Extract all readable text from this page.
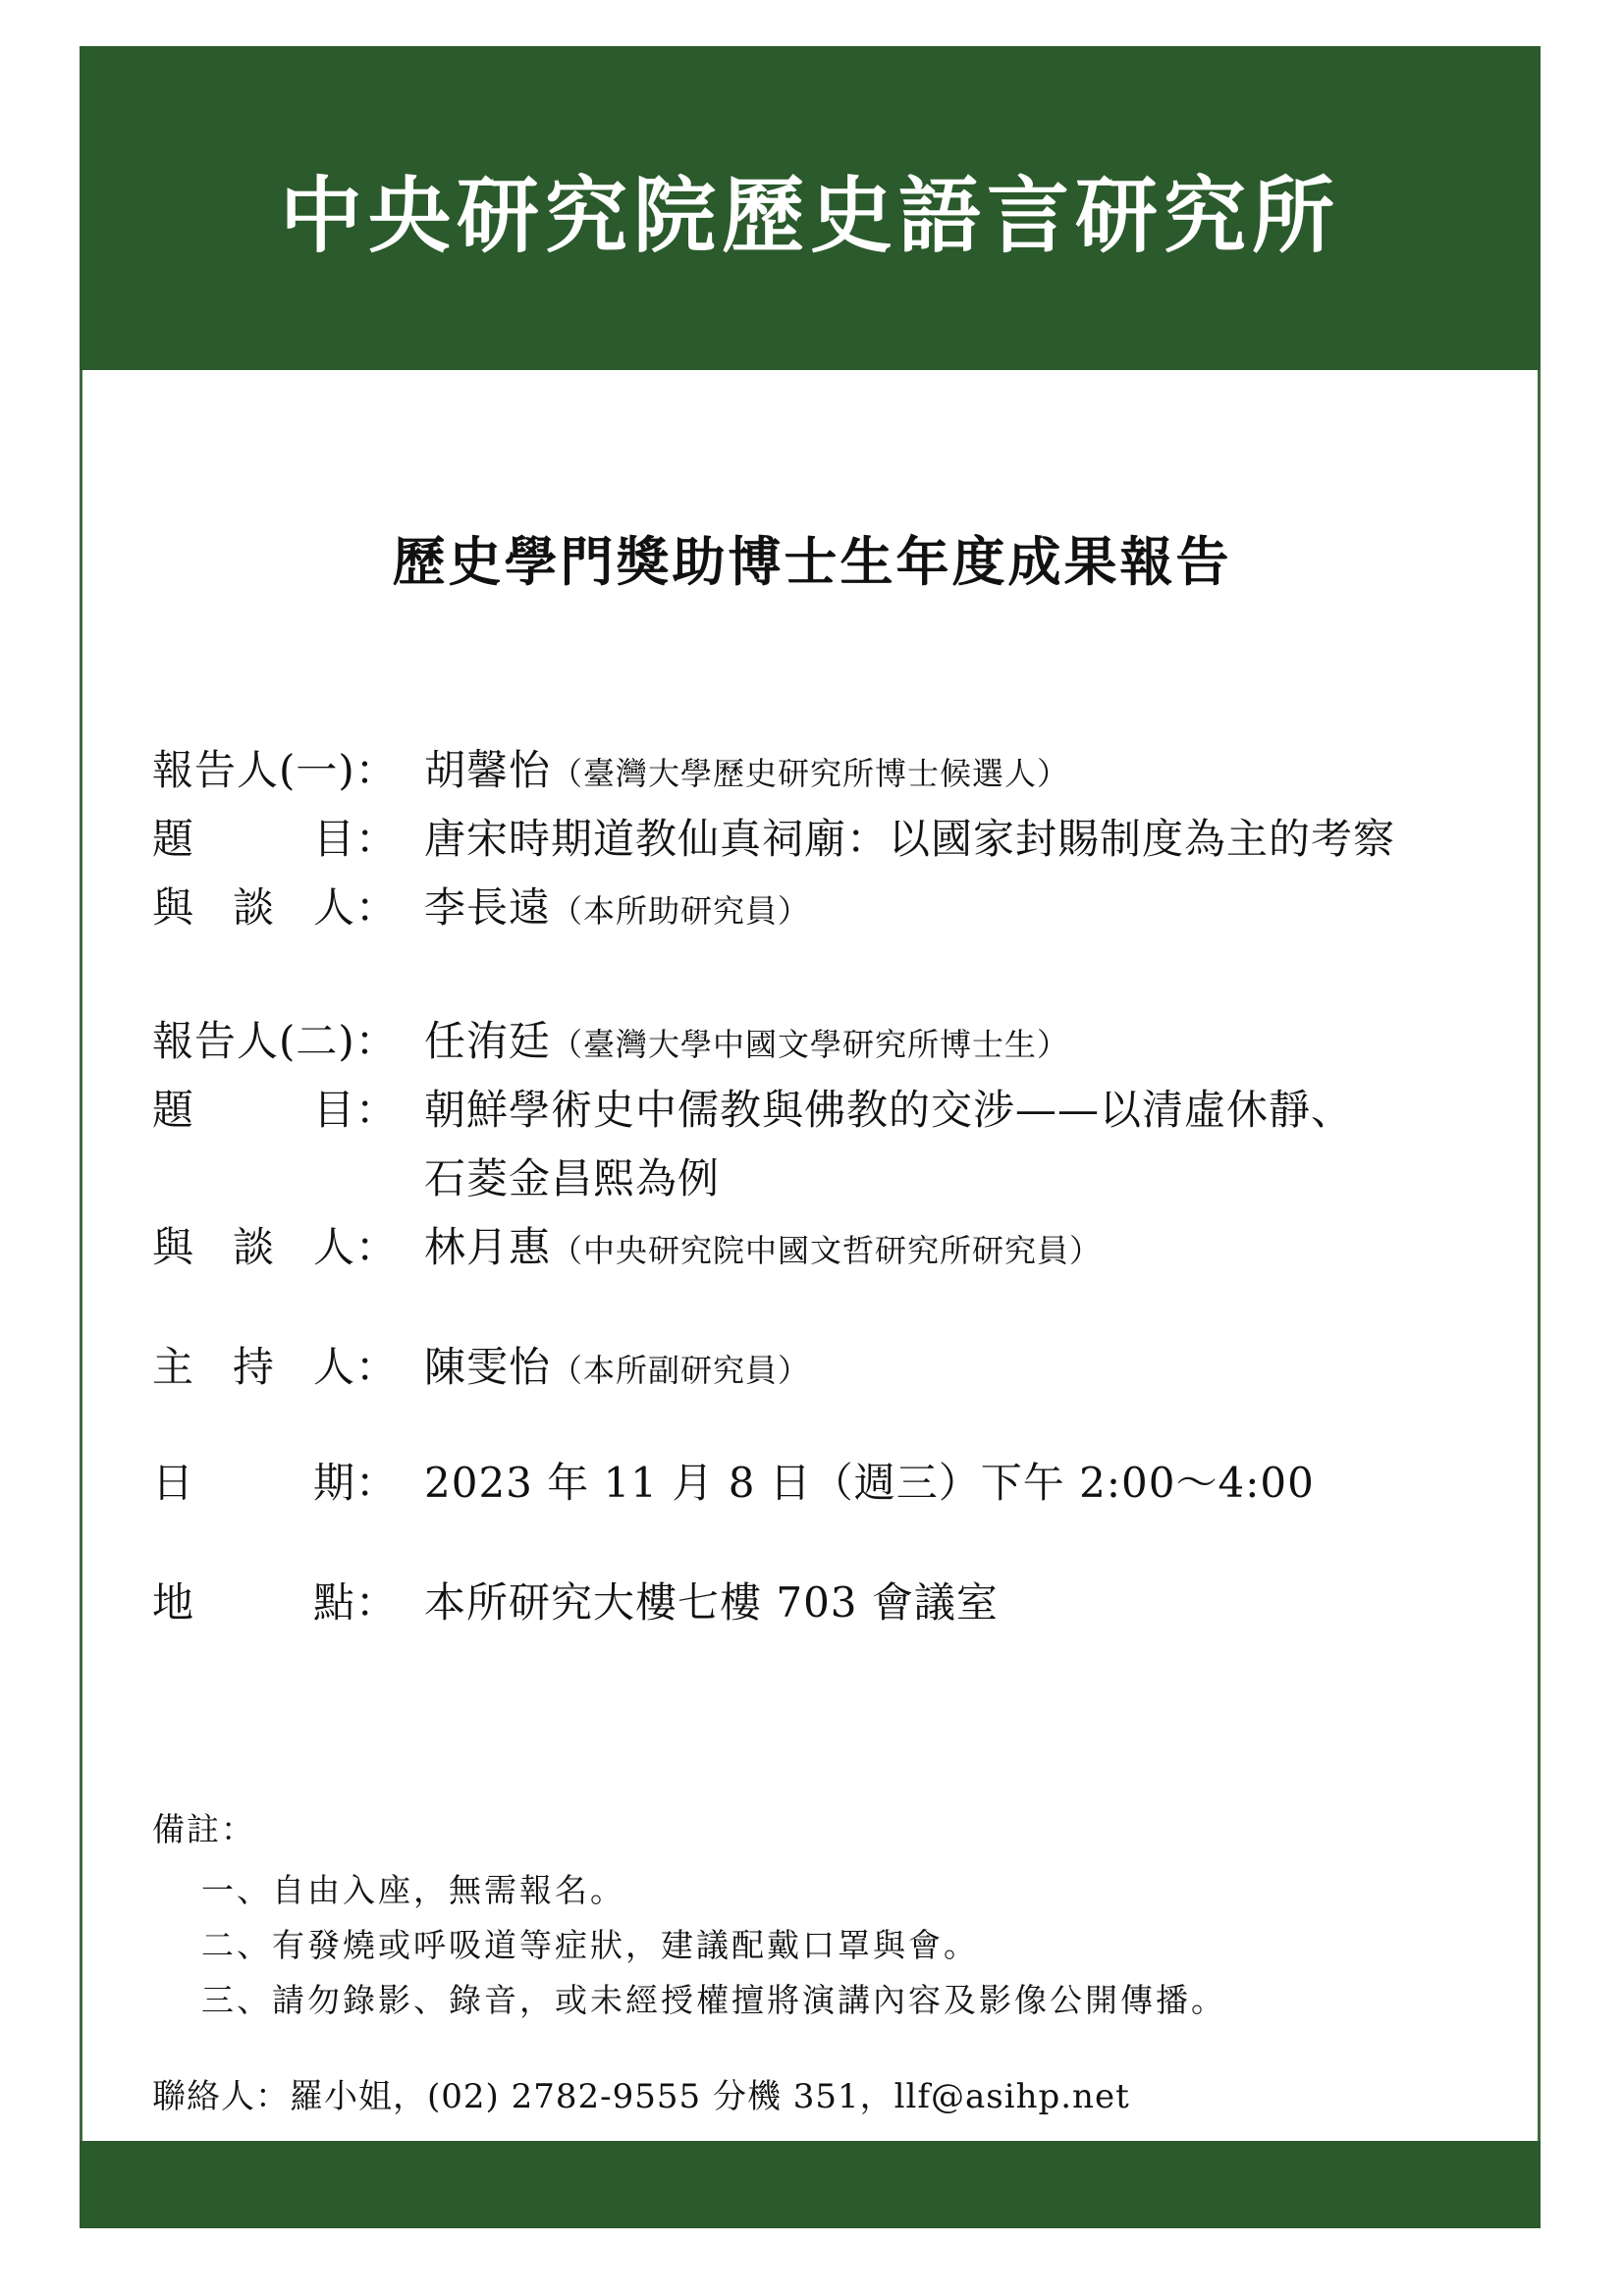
中央研究院歷史語言研究所
歷史學門獎助博士生年度成果報告
報告人(一)： 胡馨怡 （臺灣大學歷史研究所博士候選人）
題	目： 唐宋時期道教仙真祠廟：以國家封賜制度為主的考察
與 談 人： 李長遠 （本所助研究員）
報告人(二)： 任洧廷 （臺灣大學中國文學研究所博士生）
題	目： 朝鮮學術史中儒教與佛教的交涉——以清虛休靜、
石菱金昌熙為例
與 談 人： 林月惠 （中央研究院中國文哲研究所研究員）
主 持 人： 陳雯怡 （本所副研究員）
日	期： 2023 年 11 月 8 日（週三）下午 2:00～4:00
地	點： 本所研究大樓七樓 703 會議室
備註：
一、自由入座，無需報名。
二、有發燒或呼吸道等症狀，建議配戴口罩與會。
三、請勿錄影、錄音，或未經授權擅將演講內容及影像公開傳播。
聯絡人：羅小姐，(02) 2782-9555 分機 351，llf@asihp.net
